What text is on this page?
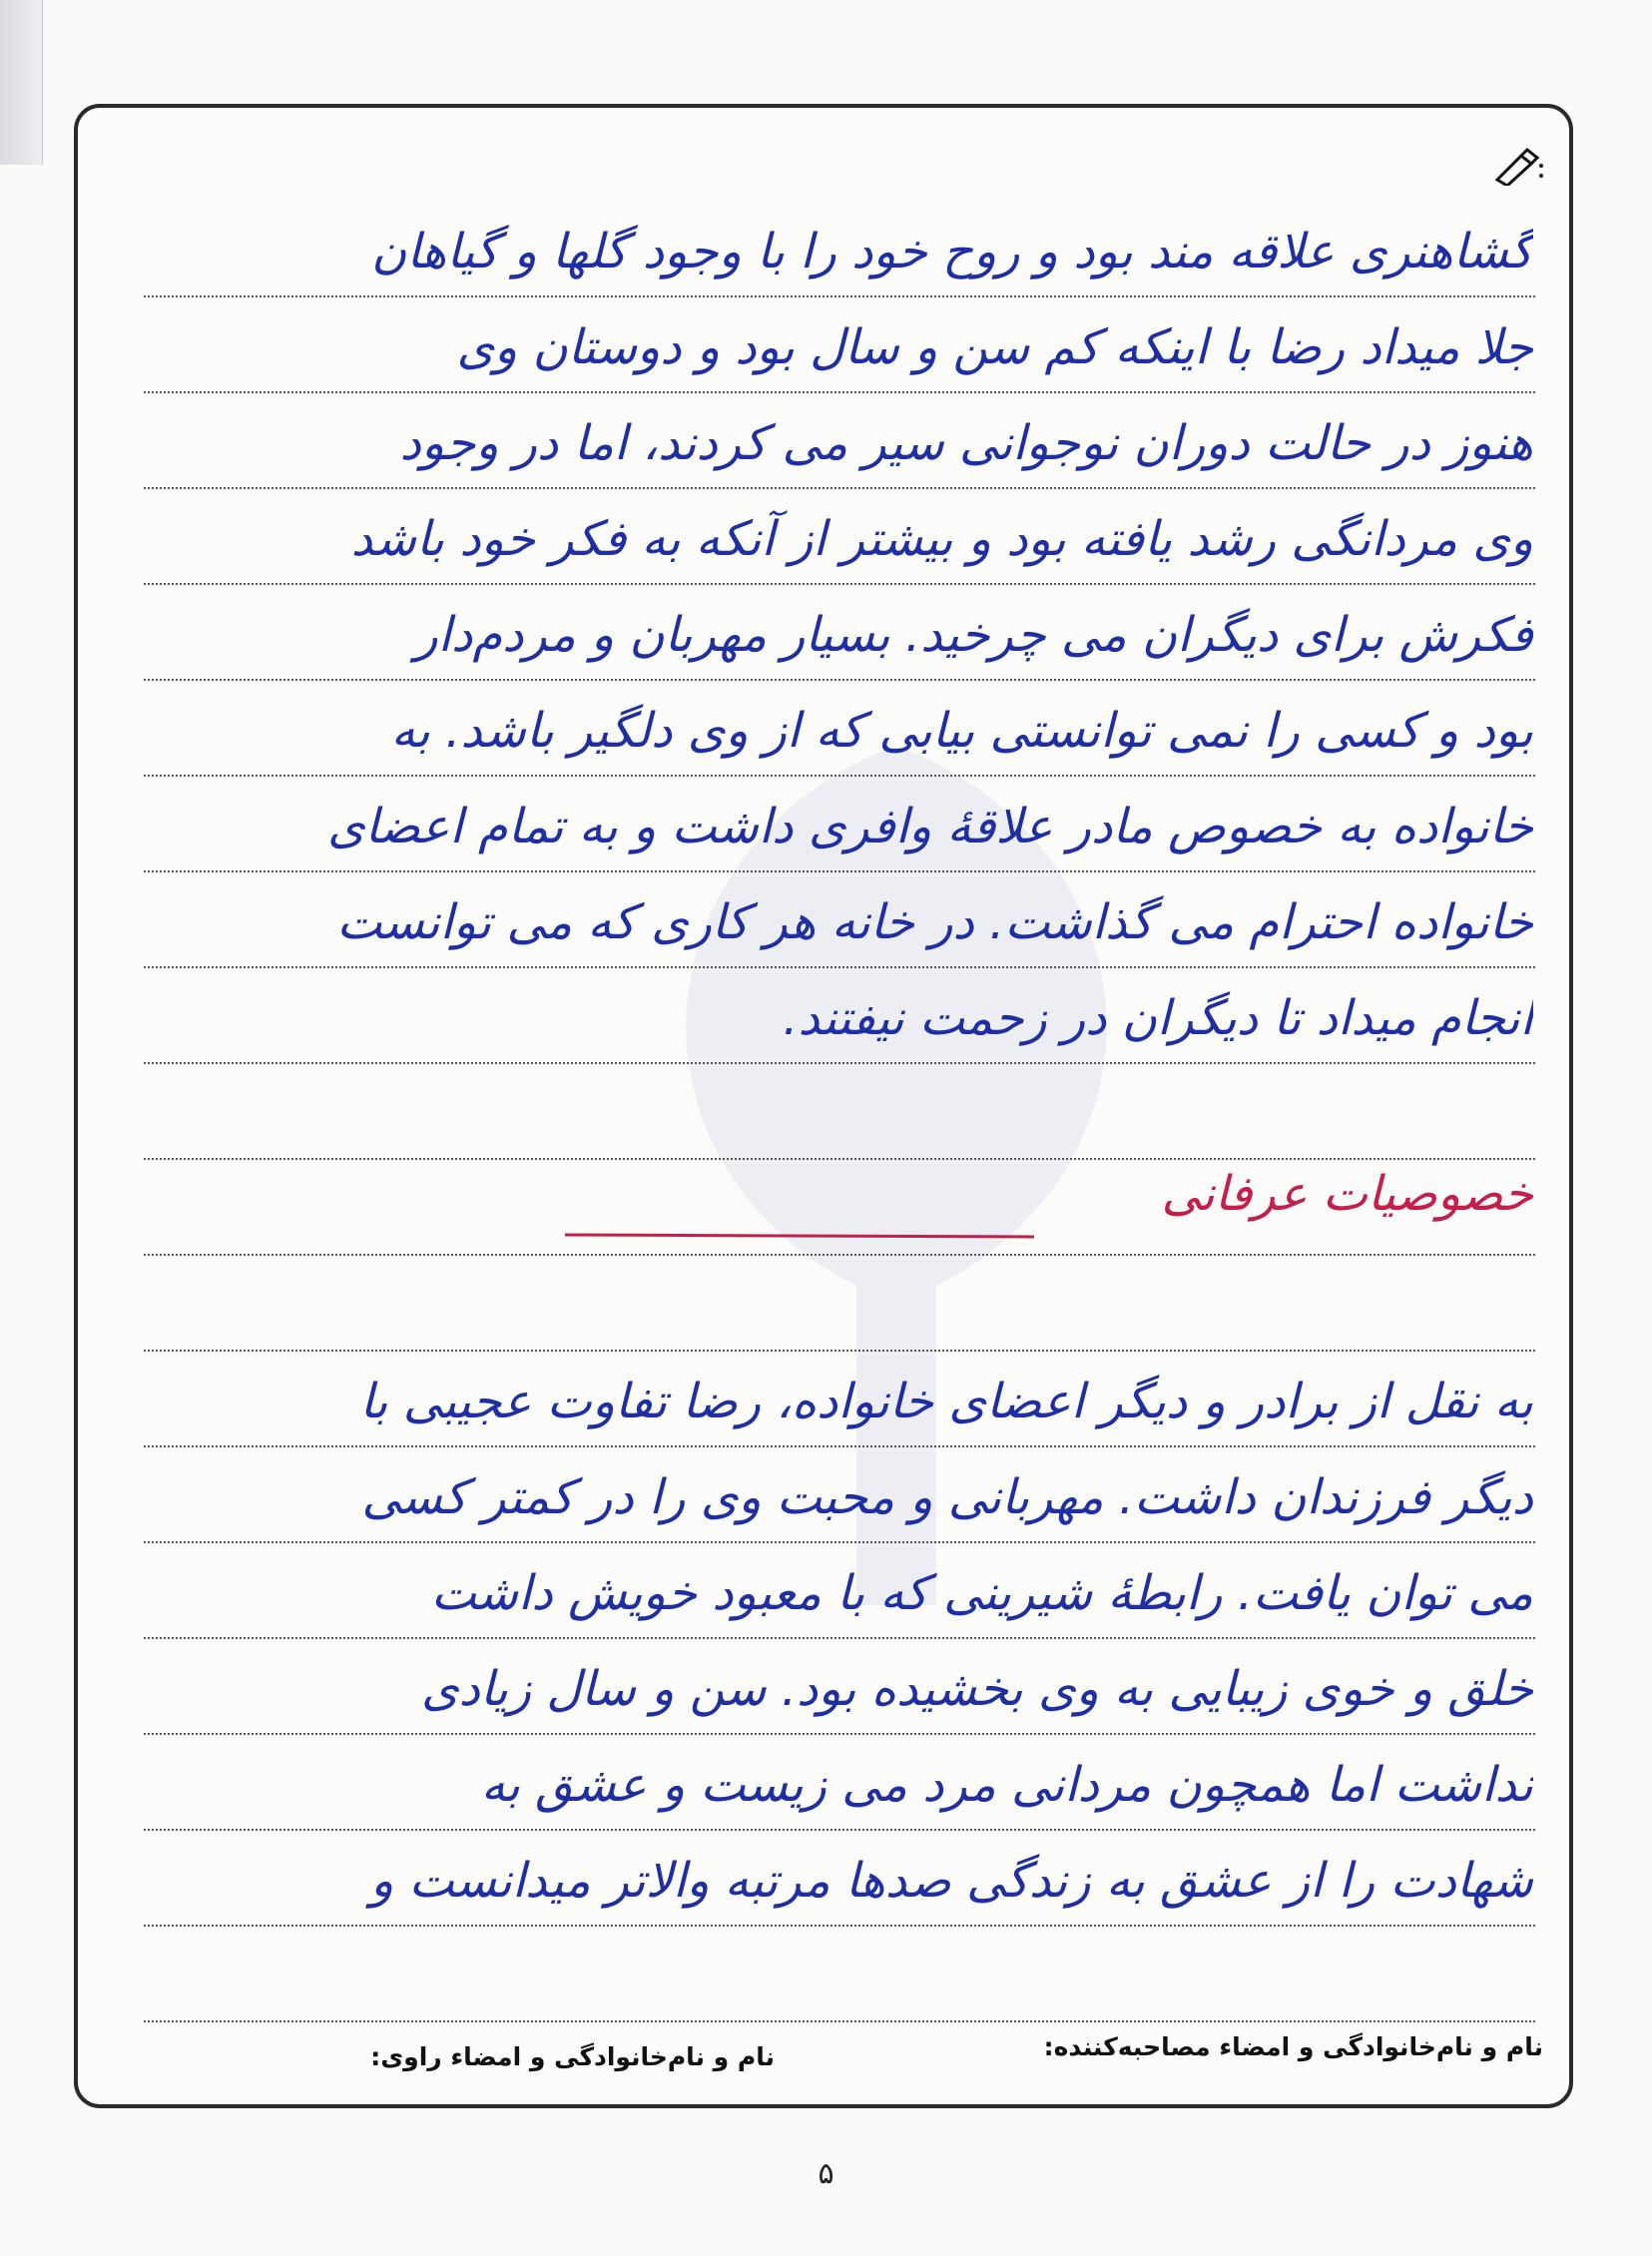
گشاهنری علاقه مند بود و روح خود را با وجود گلها و گیاهان
جلا میداد رضا با اینکه کم سن و سال بود و دوستان وی
هنوز در حالت دوران نوجوانی سیر می کردند، اما در وجود
وی مردانگی رشد یافته بود و بیشتر از آنکه به فکر خود باشد
فکرش برای دیگران می چرخید. بسیار مهربان و مردم‌دار
بود و کسی را نمی توانستی بیابی که از وی دلگیر باشد. به
خانواده به خصوص مادر علاقهٔ وافری داشت و به تمام اعضای
خانواده احترام می گذاشت. در خانه هر کاری که می توانست
انجام میداد تا دیگران در زحمت نیفتند.
خصوصیات عرفانی
به نقل از برادر و دیگر اعضای خانواده، رضا تفاوت عجیبی با
دیگر فرزندان داشت. مهربانی و محبت وی را در کمتر کسی
می توان یافت. رابطهٔ شیرینی که با معبود خویش داشت
خلق و خوی زیبایی به وی بخشیده بود. سن و سال زیادی
نداشت اما همچون مردانی مرد می زیست و عشق به
شهادت را از عشق به زندگی صدها مرتبه والاتر میدانست و
نام و نام‌خانوادگی و امضاء مصاحبه‌کننده:
نام و نام‌خانوادگی و امضاء راوی:
۵
